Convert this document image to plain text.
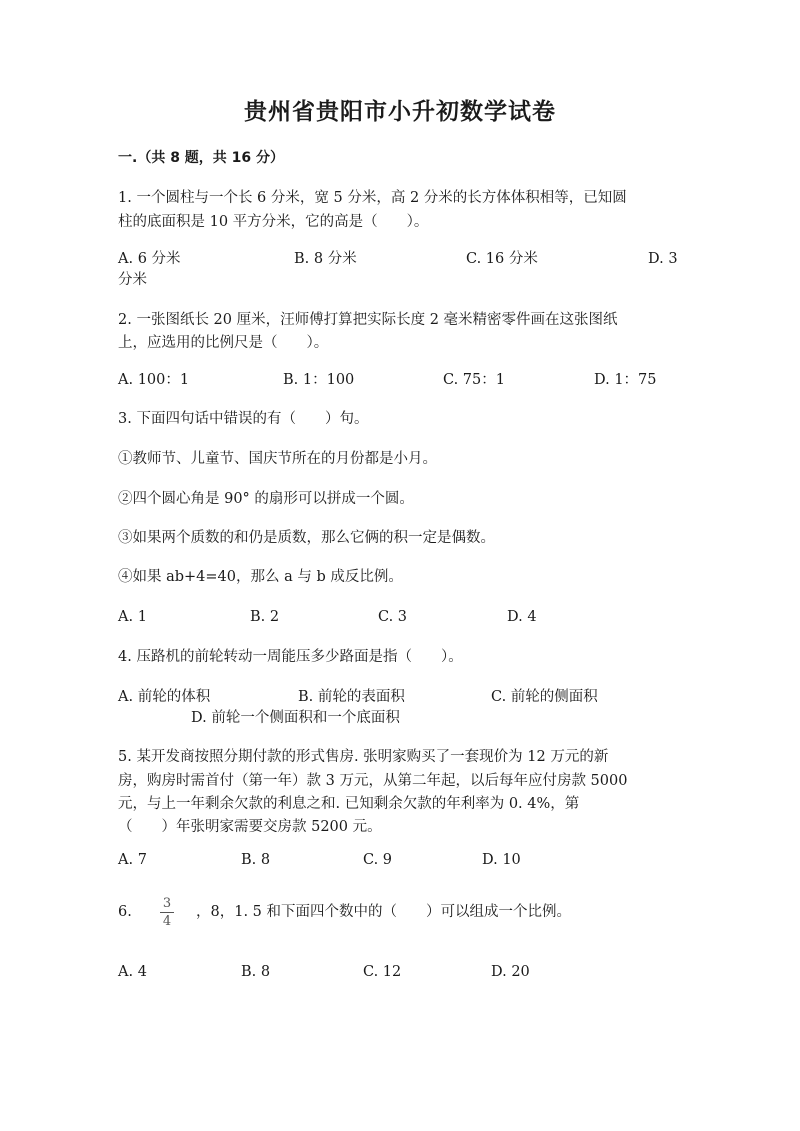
贵州省贵阳市小升初数学试卷
一.（共 8 题，共 16 分）
1. 一个圆柱与一个长 6 分米，宽 5 分米，高 2 分米的长方体体积相等，已知圆
柱的底面积是 10 平方分米，它的高是（　　）。
A. 6 分米	B. 8 分米	C. 16 分米	D. 3
分米
2. 一张图纸长 20 厘米，汪师傅打算把实际长度 2 毫米精密零件画在这张图纸
上，应选用的比例尺是（　　）。
A. 100：1	B. 1：100	C. 75：1	D. 1：75
3. 下面四句话中错误的有（　　）句。
①教师节、儿童节、国庆节所在的月份都是小月。
②四个圆心角是 90° 的扇形可以拼成一个圆。
③如果两个质数的和仍是质数，那么它俩的积一定是偶数。
④如果 ab+4=40，那么 a 与 b 成反比例。
A. 1	B. 2	C. 3	D. 4
4. 压路机的前轮转动一周能压多少路面是指（　　）。
A. 前轮的体积	B. 前轮的表面积	C. 前轮的侧面积
D. 前轮一个侧面积和一个底面积
5. 某开发商按照分期付款的形式售房. 张明家购买了一套现价为 12 万元的新
房，购房时需首付（第一年）款 3 万元，从第二年起，以后每年应付房款 5000
元，与上一年剩余欠款的利息之和. 已知剩余欠款的年利率为 0. 4%，第
（　　）年张明家需要交房款 5200 元。
A. 7	B. 8	C. 9	D. 10
6.
3
4
，8，1. 5 和下面四个数中的（　　）可以组成一个比例。
A. 4	B. 8	C. 12	D. 20
